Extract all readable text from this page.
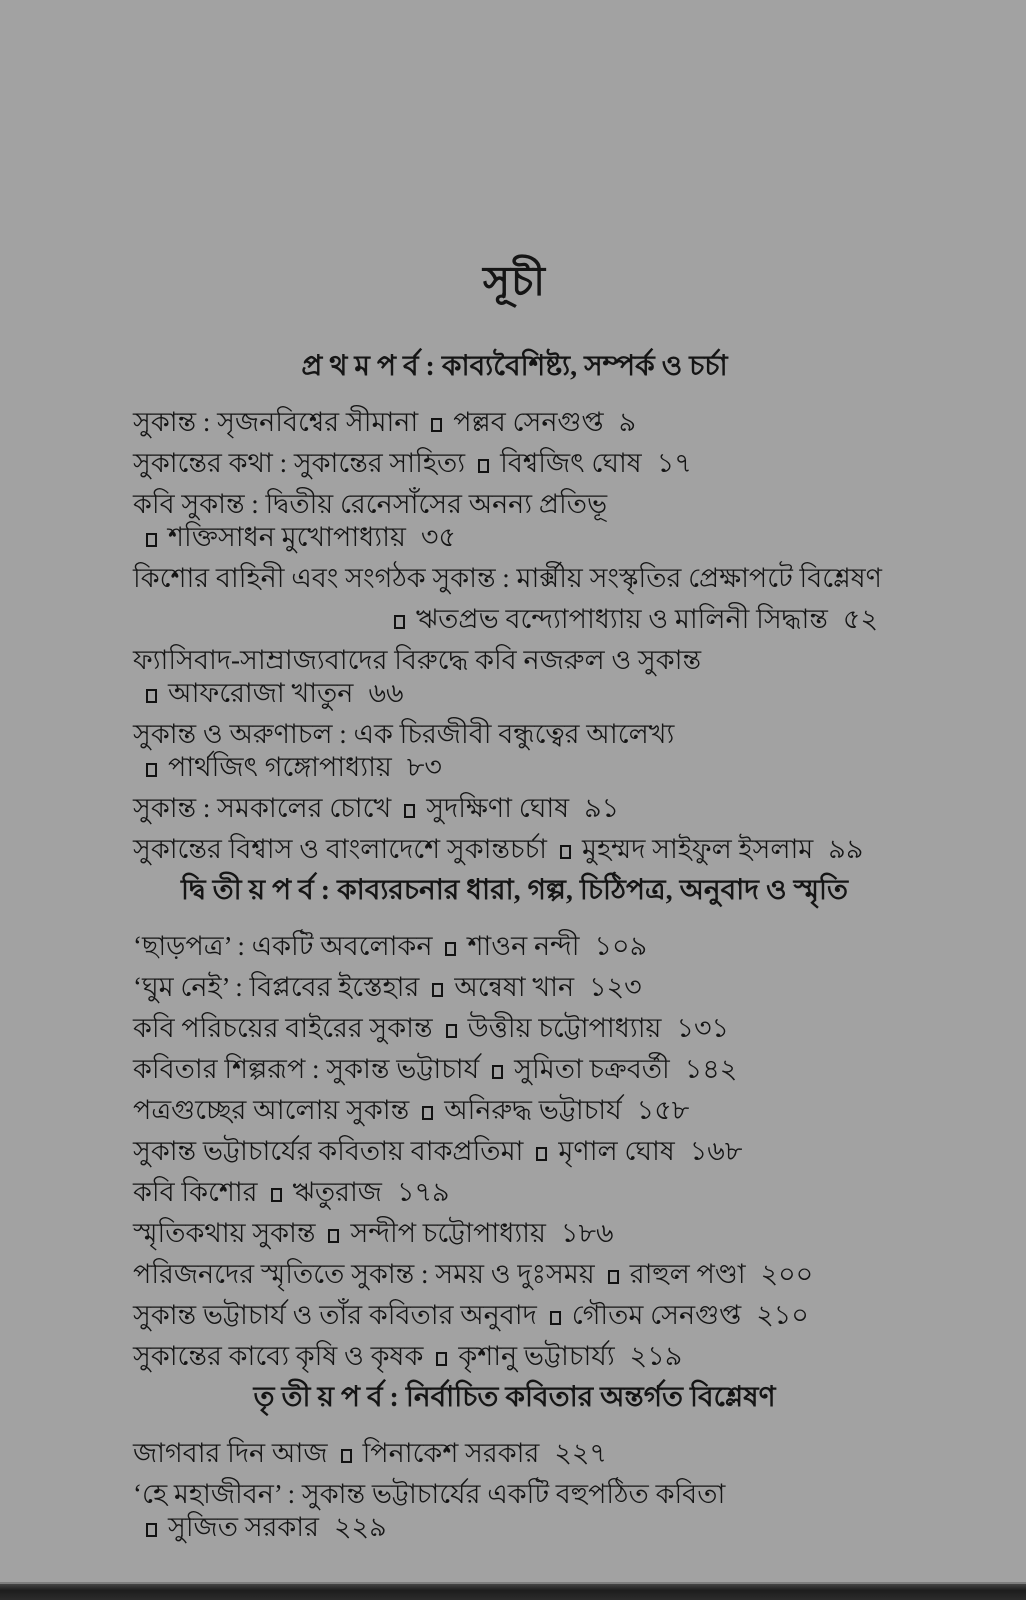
সূচী
প্র থ ম প র্ব : কাব্যবৈশিষ্ট্য, সম্পর্ক ও চর্চা
সুকান্ত : সৃজনবিশ্বের সীমানা পল্লব সেনগুপ্ত ৯
সুকান্তের কথা : সুকান্তের সাহিত্য বিশ্বজিৎ ঘোষ ১৭
কবি সুকান্ত : দ্বিতীয় রেনেসাঁসের অনন্য প্রতিভূশক্তিসাধন মুখোপাধ্যায় ৩৫
কিশোর বাহিনী এবং সংগঠক সুকান্ত : মার্ক্সীয় সংস্কৃতির প্রেক্ষাপটে বিশ্লেষণ
ঋতপ্রভ বন্দ্যোপাধ্যায় ও মালিনী সিদ্ধান্ত ৫২
ফ্যাসিবাদ-সাম্রাজ্যবাদের বিরুদ্ধে কবি নজরুল ও সুকান্তআফরোজা খাতুন ৬৬
সুকান্ত ও অরুণাচল : এক চিরজীবী বন্ধুত্বের আলেখ্যপার্থজিৎ গঙ্গোপাধ্যায় ৮৩
সুকান্ত : সমকালের চোখে সুদক্ষিণা ঘোষ ৯১
সুকান্তের বিশ্বাস ও বাংলাদেশে সুকান্তচর্চা মুহম্মদ সাইফুল ইসলাম ৯৯
দ্বি তী য় প র্ব : কাব্যরচনার ধারা, গল্প, চিঠিপত্র, অনুবাদ ও স্মৃতি
‘ছাড়পত্র’ : একটি অবলোকন শাওন নন্দী ১০৯
‘ঘুম নেই’ : বিপ্লবের ইস্তেহার অন্বেষা খান ১২৩
কবি পরিচয়ের বাইরের সুকান্ত উত্তীয় চট্টোপাধ্যায় ১৩১
কবিতার শিল্পরূপ : সুকান্ত ভট্টাচার্য সুমিতা চক্রবর্তী ১৪২
পত্রগুচ্ছের আলোয় সুকান্ত অনিরুদ্ধ ভট্টাচার্য ১৫৮
সুকান্ত ভট্টাচার্যের কবিতায় বাকপ্রতিমা মৃণাল ঘোষ ১৬৮
কবি কিশোর ঋতুরাজ ১৭৯
স্মৃতিকথায় সুকান্ত সন্দীপ চট্টোপাধ্যায় ১৮৬
পরিজনদের স্মৃতিতে সুকান্ত : সময় ও দুঃসময় রাহুল পণ্ডা ২০০
সুকান্ত ভট্টাচার্য ও তাঁর কবিতার অনুবাদ গৌতম সেনগুপ্ত ২১০
সুকান্তের কাব্যে কৃষি ও কৃষক কৃশানু ভট্টাচার্য্য ২১৯
তৃ তী য় প র্ব : নির্বাচিত কবিতার অন্তর্গত বিশ্লেষণ
জাগবার দিন আজ পিনাকেশ সরকার ২২৭
‘হে মহাজীবন’ : সুকান্ত ভট্টাচার্যের একটি বহুপঠিত কবিতাসুজিত সরকার ২২৯
